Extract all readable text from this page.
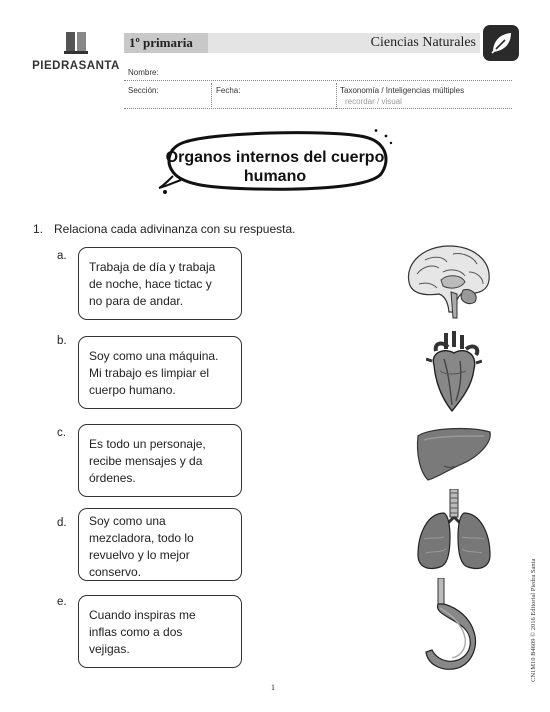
PIEDRASANTA
1º primaria	Ciencias Naturales
Nombre:
Sección:	Fecha:	Taxonomía / Inteligencias múltiples
recordar / visual
Órganos internos del cuerpo
humano
1. Relaciona cada adivinanza con su respuesta.
a.
Trabaja de día y trabaja
de noche, hace tictac y
no para de andar.
b.
Soy como una máquina.
Mi trabajo es limpiar el
cuerpo humano.
c.
Es todo un personaje,
recibe mensajes y da
órdenes.
d. Soy como una
mezcladora, todo lo
revuelvo y lo mejor
conservo.
e.
Cuando inspiras me
inflas como a dos
vejigas.
1
CN1M10 B4609 © 2016 Editorial Piedra Santa
